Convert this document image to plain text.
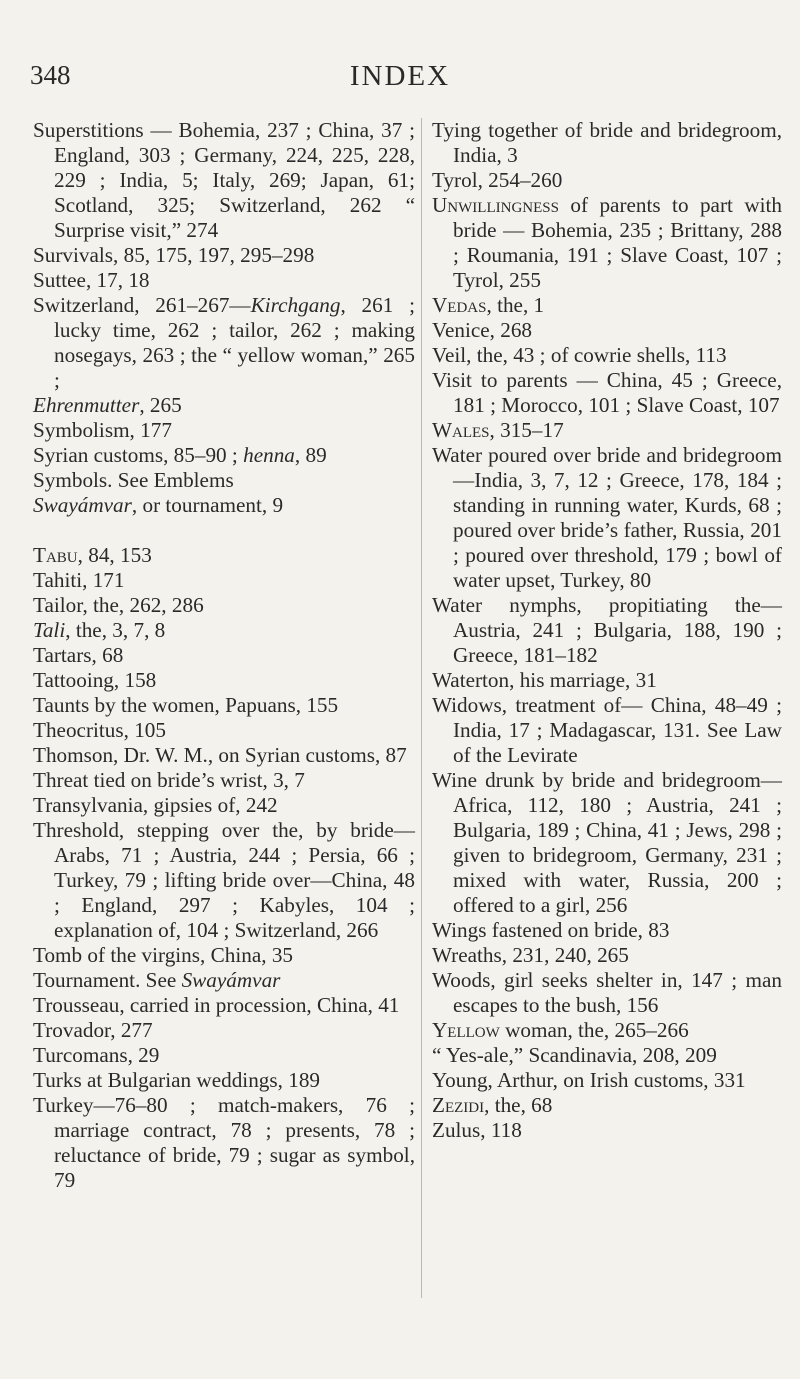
348	INDEX
Superstitions — Bohemia, 237 ; China, 37 ; England, 303 ; Germany, 224, 225, 228, 229 ; India, 5; Italy, 269; Japan, 61; Scotland, 325; Switzerland, 262 “ Surprise visit,” 274
Survivals, 85, 175, 197, 295–298
Suttee, 17, 18
Switzerland, 261–267—Kirchgang, 261 ; lucky time, 262 ; tailor, 262 ; making nosegays, 263 ; the “ yellow woman,” 265 ;
Ehrenmutter, 265
Symbolism, 177
Syrian customs, 85–90 ; henna, 89
Symbols. See Emblems
Swayámvar, or tournament, 9
Tabu, 84, 153
Tahiti, 171
Tailor, the, 262, 286
Tali, the, 3, 7, 8
Tartars, 68
Tattooing, 158
Taunts by the women, Papuans, 155
Theocritus, 105
Thomson, Dr. W. M., on Syrian customs, 87
Threat tied on bride’s wrist, 3, 7
Transylvania, gipsies of, 242
Threshold, stepping over the, by bride—Arabs, 71 ; Austria, 244 ; Persia, 66 ; Turkey, 79 ; lifting bride over—China, 48 ; England, 297 ; Kabyles, 104 ; explanation of, 104 ; Switzerland, 266
Tomb of the virgins, China, 35
Tournament. See Swayámvar
Trousseau, carried in procession, China, 41
Trovador, 277
Turcomans, 29
Turks at Bulgarian weddings, 189
Turkey—76–80 ; match-makers, 76 ; marriage contract, 78 ; presents, 78 ; reluctance of bride, 79 ; sugar as symbol, 79
Tying together of bride and bridegroom, India, 3
Tyrol, 254–260
Unwillingness of parents to part with bride — Bohemia, 235 ; Brittany, 288 ; Roumania, 191 ; Slave Coast, 107 ; Tyrol, 255
Vedas, the, 1
Venice, 268
Veil, the, 43 ; of cowrie shells, 113
Visit to parents — China, 45 ; Greece, 181 ; Morocco, 101 ; Slave Coast, 107
Wales, 315–17
Water poured over bride and bridegroom—India, 3, 7, 12 ; Greece, 178, 184 ; standing in running water, Kurds, 68 ; poured over bride’s father, Russia, 201 ; poured over threshold, 179 ; bowl of water upset, Turkey, 80
Water nymphs, propitiating the— Austria, 241 ; Bulgaria, 188, 190 ; Greece, 181–182
Waterton, his marriage, 31
Widows, treatment of— China, 48–49 ; India, 17 ; Madagascar, 131. See Law of the Levirate
Wine drunk by bride and bridegroom—Africa, 112, 180 ; Austria, 241 ; Bulgaria, 189 ; China, 41 ; Jews, 298 ; given to bridegroom, Germany, 231 ; mixed with water, Russia, 200 ; offered to a girl, 256
Wings fastened on bride, 83
Wreaths, 231, 240, 265
Woods, girl seeks shelter in, 147 ; man escapes to the bush, 156
Yellow woman, the, 265–266
“ Yes-ale,” Scandinavia, 208, 209
Young, Arthur, on Irish customs, 331
Zezidi, the, 68
Zulus, 118
